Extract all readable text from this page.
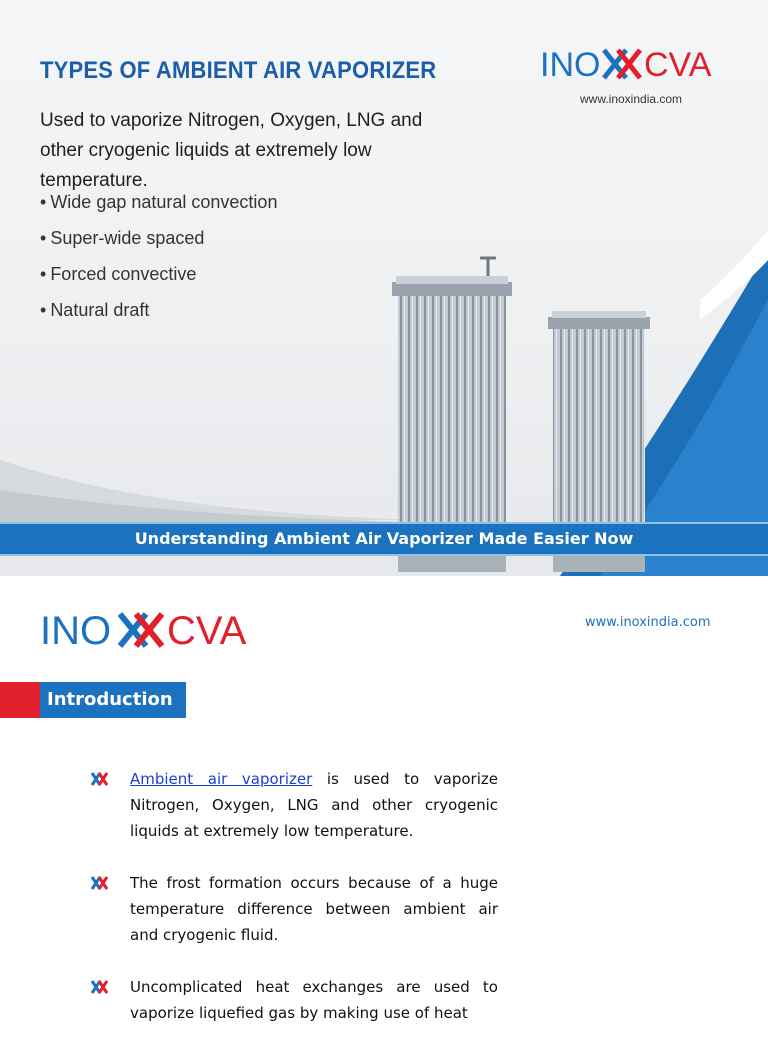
TYPES OF AMBIENT AIR VAPORIZER	INO CVA
www.inoxindia.com
Used to vaporize Nitrogen, Oxygen, LNG and other cryogenic liquids at extremely low temperature.
• Wide gap natural convection
• Super-wide spaced
• Forced convective
• Natural draft
Understanding Ambient Air Vaporizer Made Easier Now
INO CVA	www.inoxindia.com
Introduction
Ambient air vaporizer is used to vaporize Nitrogen, Oxygen, LNG and other cryogenic liquids at extremely low temperature.
The frost formation occurs because of a huge temperature difference between ambient air and cryogenic fluid.
Uncomplicated heat exchanges are used to vaporize liquefied gas by making use of heat
